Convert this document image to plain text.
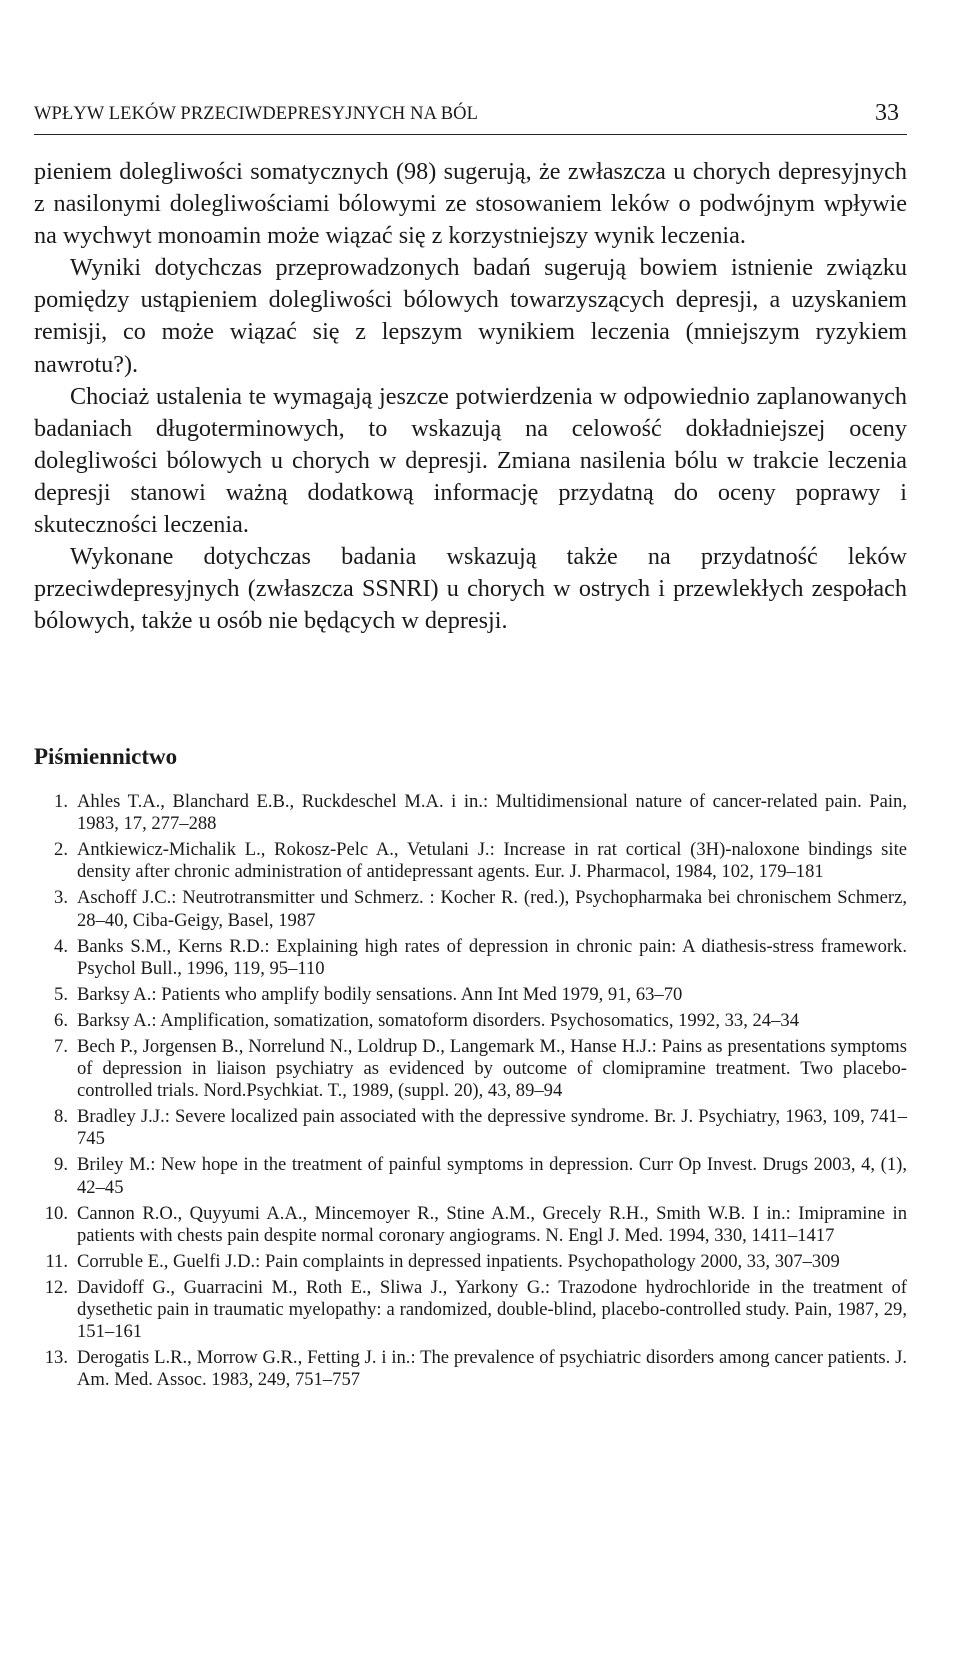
WPŁYW LEKÓW PRZECIWDEPRESYJNYCH NA BÓL	33

pieniem dolegliwości somatycznych (98) sugerują, że zwłaszcza u chorych depresyjnych z nasilonymi dolegliwościami bólowymi ze stosowaniem leków o podwójnym wpływie na wychwyt monoamin może wiązać się z korzystniejszy wynik leczenia.

Wyniki dotychczas przeprowadzonych badań sugerują bowiem istnienie związku pomiędzy ustąpieniem dolegliwości bólowych towarzyszących depresji, a uzyskaniem remisji, co może wiązać się z lepszym wynikiem leczenia (mniejszym ryzykiem nawrotu?).

Chociaż ustalenia te wymagają jeszcze potwierdzenia w odpowiednio zaplanowanych badaniach długoterminowych, to wskazują na celowość dokładniejszej oceny dolegliwości bólowych u chorych w depresji. Zmiana nasilenia bólu w trakcie leczenia depresji stanowi ważną dodatkową informację przydatną do oceny poprawy i skuteczności leczenia.

Wykonane dotychczas badania wskazują także na przydatność leków przeciwdepresyjnych (zwłaszcza SSNRI) u chorych w ostrych i przewlekłych zespołach bólowych, także u osób nie będących w depresji.

Piśmiennictwo
1. Ahles T.A., Blanchard E.B., Ruckdeschel M.A. i in.: Multidimensional nature of cancer-related pain. Pain, 1983, 17, 277–288
2. Antkiewicz-Michalik L., Rokosz-Pelc A., Vetulani J.: Increase in rat cortical (3H)-naloxone bindings site density after chronic administration of antidepressant agents. Eur. J. Pharmacol, 1984, 102, 179–181
3. Aschoff J.C.: Neutrotransmitter und Schmerz. : Kocher R. (red.), Psychopharmaka bei chronischem Schmerz, 28–40, Ciba-Geigy, Basel, 1987
4. Banks S.M., Kerns R.D.: Explaining high rates of depression in chronic pain: A diathesis-stress framework. Psychol Bull., 1996, 119, 95–110
5. Barksy A.: Patients who amplify bodily sensations. Ann Int Med 1979, 91, 63–70
6. Barksy A.: Amplification, somatization, somatoform disorders. Psychosomatics, 1992, 33, 24–34
7. Bech P., Jorgensen B., Norrelund N., Loldrup D., Langemark M., Hanse H.J.: Pains as presentations symptoms of depression in liaison psychiatry as evidenced by outcome of clomipramine treatment. Two placebo-controlled trials. Nord.Psychkiat. T., 1989, (suppl. 20), 43, 89–94
8. Bradley J.J.: Severe localized pain associated with the depressive syndrome. Br. J. Psychiatry, 1963, 109, 741–745
9. Briley M.: New hope in the treatment of painful symptoms in depression. Curr Op Invest. Drugs 2003, 4, (1), 42–45
10. Cannon R.O., Quyyumi A.A., Mincemoyer R., Stine A.M., Grecely R.H., Smith W.B. I in.: Imipramine in patients with chests pain despite normal coronary angiograms. N. Engl J. Med. 1994, 330, 1411–1417
11. Corruble E., Guelfi J.D.: Pain complaints in depressed inpatients. Psychopathology 2000, 33, 307–309
12. Davidoff G., Guarracini M., Roth E., Sliwa J., Yarkony G.: Trazodone hydrochloride in the treatment of dysethetic pain in traumatic myelopathy: a randomized, double-blind, placebo-controlled study. Pain, 1987, 29, 151–161
13. Derogatis L.R., Morrow G.R., Fetting J. i in.: The prevalence of psychiatric disorders among cancer patients. J. Am. Med. Assoc. 1983, 249, 751–757
